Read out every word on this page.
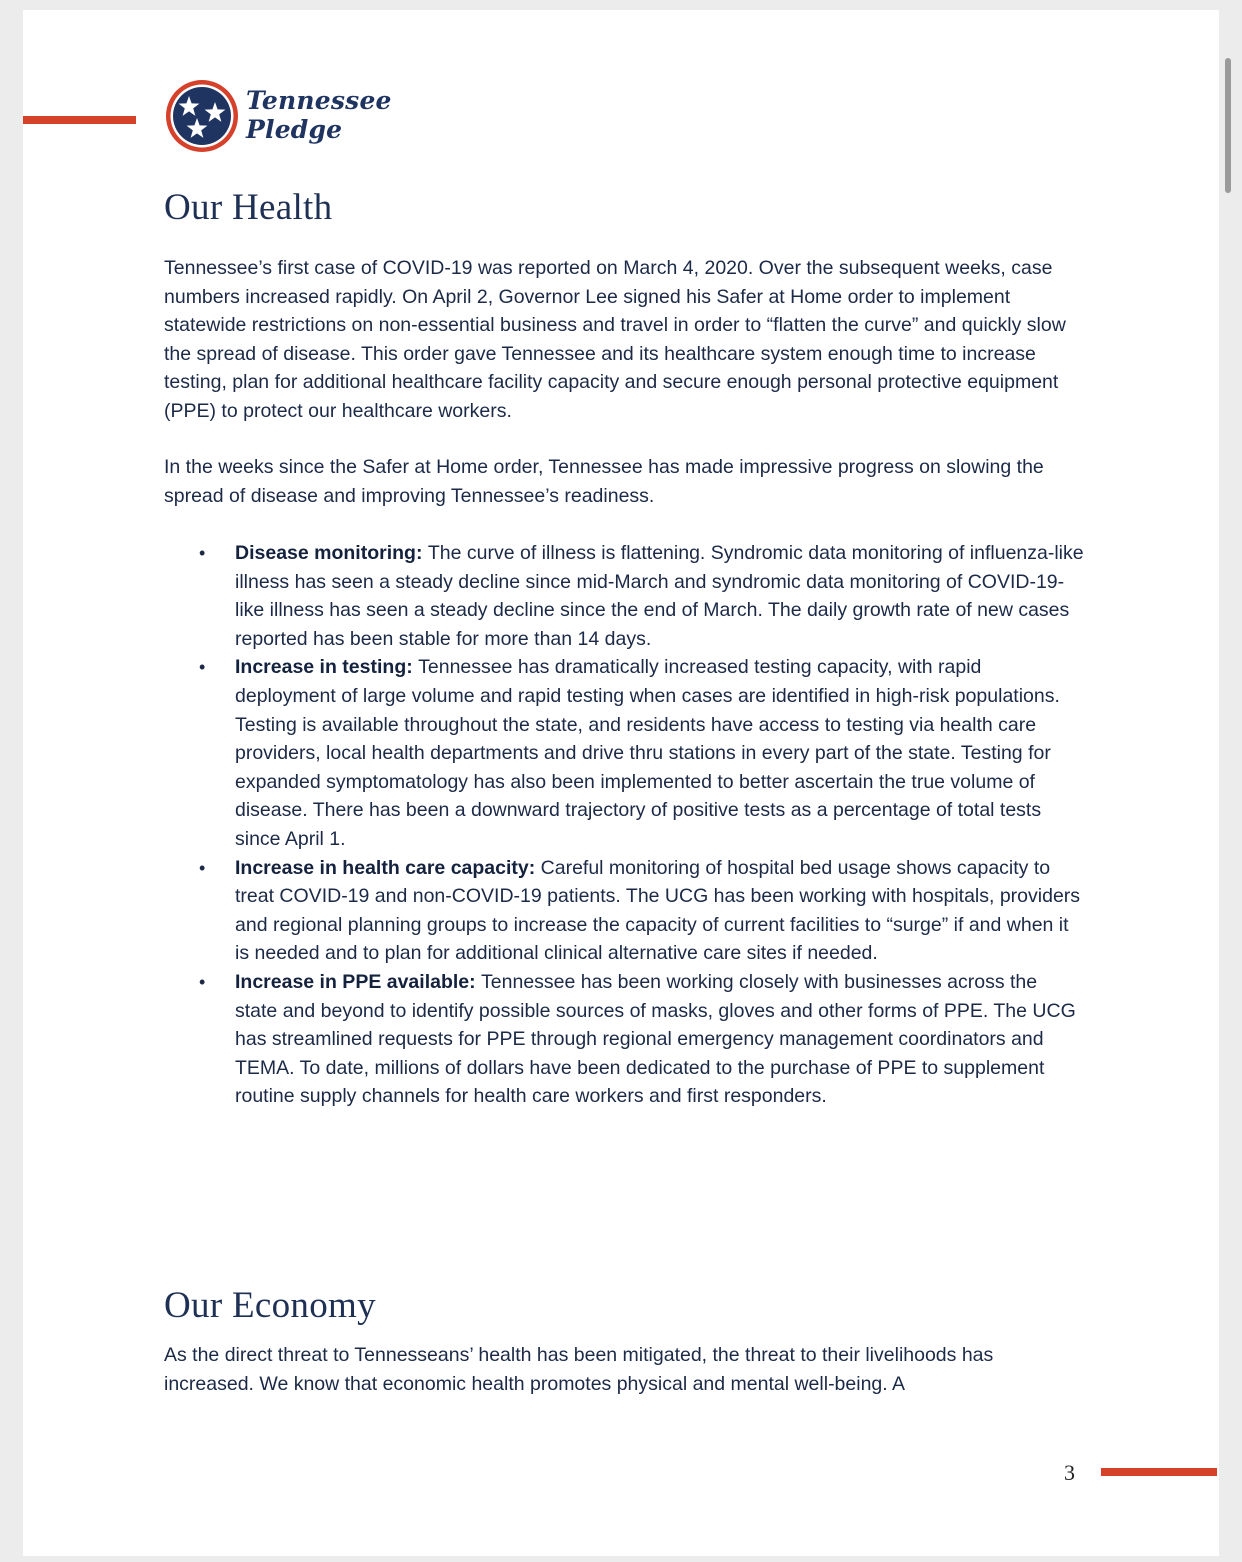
Tennessee
Pledge
Our Health

Tennessee’s first case of COVID-19 was reported on March 4, 2020. Over the subsequent weeks, case numbers increased rapidly. On April 2, Governor Lee signed his Safer at Home order to implement statewide restrictions on non-essential business and travel in order to “flatten the curve” and quickly slow the spread of disease. This order gave Tennessee and its healthcare system enough time to increase testing, plan for additional healthcare facility capacity and secure enough personal protective equipment (PPE) to protect our healthcare workers.

In the weeks since the Safer at Home order, Tennessee has made impressive progress on slowing the spread of disease and improving Tennessee’s readiness.

• Disease monitoring: The curve of illness is flattening. Syndromic data monitoring of influenza-like illness has seen a steady decline since mid-March and syndromic data monitoring of COVID-19-like illness has seen a steady decline since the end of March. The daily growth rate of new cases reported has been stable for more than 14 days.
• Increase in testing: Tennessee has dramatically increased testing capacity, with rapid deployment of large volume and rapid testing when cases are identified in high-risk populations. Testing is available throughout the state, and residents have access to testing via health care providers, local health departments and drive thru stations in every part of the state. Testing for expanded symptomatology has also been implemented to better ascertain the true volume of disease. There has been a downward trajectory of positive tests as a percentage of total tests since April 1.
• Increase in health care capacity: Careful monitoring of hospital bed usage shows capacity to treat COVID-19 and non-COVID-19 patients. The UCG has been working with hospitals, providers and regional planning groups to increase the capacity of current facilities to “surge” if and when it is needed and to plan for additional clinical alternative care sites if needed.
• Increase in PPE available: Tennessee has been working closely with businesses across the state and beyond to identify possible sources of masks, gloves and other forms of PPE. The UCG has streamlined requests for PPE through regional emergency management coordinators and TEMA. To date, millions of dollars have been dedicated to the purchase of PPE to supplement routine supply channels for health care workers and first responders.
Our Economy

As the direct threat to Tennesseans’ health has been mitigated, the threat to their livelihoods has increased. We know that economic health promotes physical and mental well-being. A

3
